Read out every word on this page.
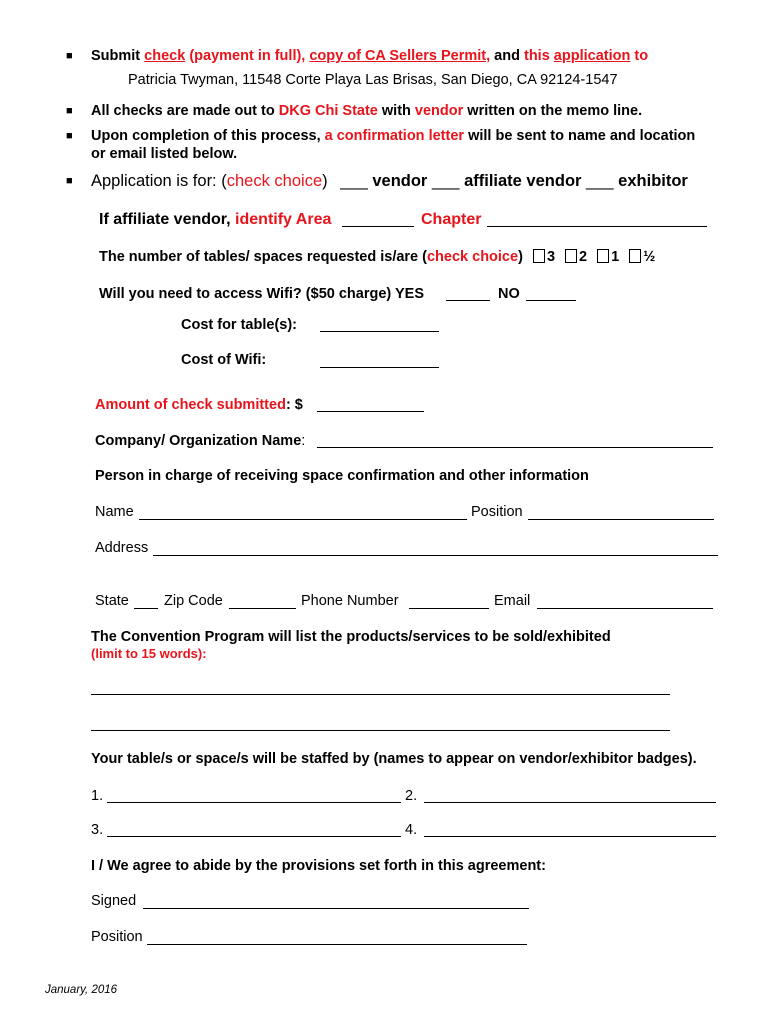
■ Submit check (payment in full), copy of CA Sellers Permit, and this application to
Patricia Twyman, 11548 Corte Playa Las Brisas, San Diego, CA 92124-1547
■ All checks are made out to DKG Chi State with vendor written on the memo line.
■ Upon completion of this process, a confirmation letter will be sent to name and location
or email listed below.
■ Application is for: (check choice) ___ vendor ___ affiliate vendor ___ exhibitor
If affiliate vendor, identify Area	Chapter
The number of tables/ spaces requested is/are (check choice) 3 2 1 ½
Will you need to access Wifi? ($50 charge) YES	NO
Cost for table(s):
Cost of Wifi:
Amount of check submitted: $
Company/ Organization Name:
Person in charge of receiving space confirmation and other information
Name	Position
Address
State Zip Code	Phone Number	Email
The Convention Program will list the products/services to be sold/exhibited
(limit to 15 words):
Your table/s or space/s will be staffed by (names to appear on vendor/exhibitor badges).
1.	2.
3.	4.
I / We agree to abide by the provisions set forth in this agreement:
Signed
Position
January, 2016
